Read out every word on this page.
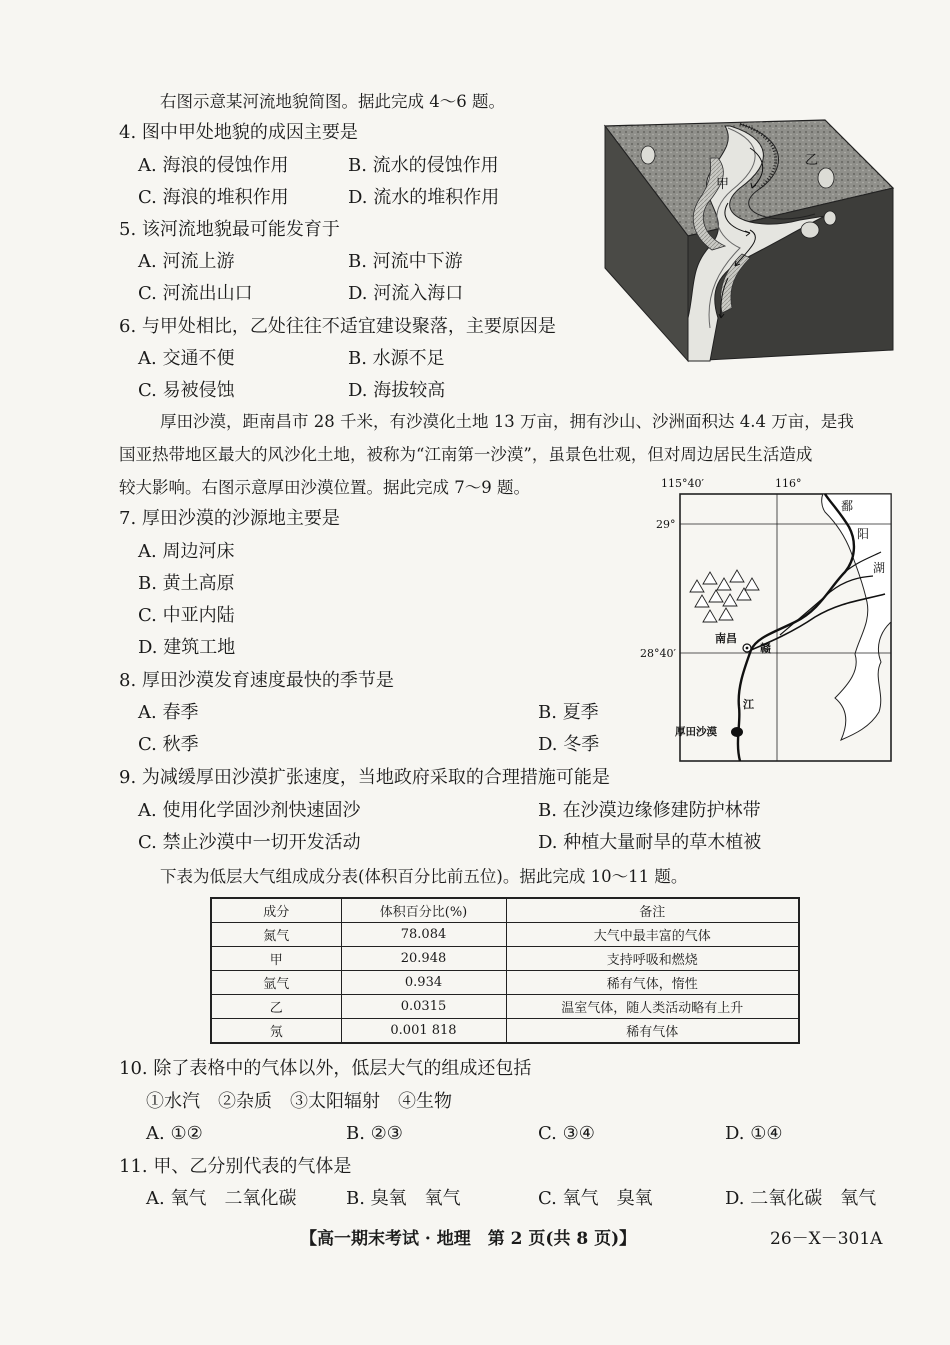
右图示意某河流地貌简图。据此完成 4～6 题。
4. 图中甲处地貌的成因主要是
A. 海浪的侵蚀作用	B. 流水的侵蚀作用
C. 海浪的堆积作用	D. 流水的堆积作用
5. 该河流地貌最可能发育于
A. 河流上游	B. 河流中下游
C. 河流出山口	D. 河流入海口
6. 与甲处相比，乙处往往不适宜建设聚落，主要原因是
A. 交通不便	B. 水源不足
C. 易被侵蚀	D. 海拔较高
乙
甲
厚田沙漠，距南昌市 28 千米，有沙漠化土地 13 万亩，拥有沙山、沙洲面积达 4.4 万亩，是我
国亚热带地区最大的风沙化土地，被称为“江南第一沙漠”，虽景色壮观，但对周边居民生活造成
较大影响。右图示意厚田沙漠位置。据此完成 7～9 题。
7. 厚田沙漠的沙源地主要是
A. 周边河床
B. 黄土高原
C. 中亚内陆
D. 建筑工地
8. 厚田沙漠发育速度最快的季节是
A. 春季	B. 夏季
C. 秋季	D. 冬季
115°40′	116°
29°
28°40′
鄱
阳
湖
南昌
赣
江
厚田沙漠
9. 为减缓厚田沙漠扩张速度，当地政府采取的合理措施可能是
A. 使用化学固沙剂快速固沙	B. 在沙漠边缘修建防护林带
C. 禁止沙漠中一切开发活动	D. 种植大量耐旱的草木植被
下表为低层大气组成成分表(体积百分比前五位)。据此完成 10～11 题。
成分	体积百分比(%)	备注
氮气	78.084	大气中最丰富的气体
甲	20.948	支持呼吸和燃烧
氩气	0.934	稀有气体，惰性
乙	0.0315	温室气体，随人类活动略有上升
氖	0.001 818	稀有气体
10. 除了表格中的气体以外，低层大气的组成还包括
①水汽　②杂质　③太阳辐射　④生物
A. ①②	B. ②③	C. ③④	D. ①④
11. 甲、乙分别代表的气体是
A. 氧气　二氧化碳	B. 臭氧　氧气	C. 氧气　臭氧	D. 二氧化碳　氧气
【高一期末考试 · 地理　第 2 页(共 8 页)】	26－X－301A
